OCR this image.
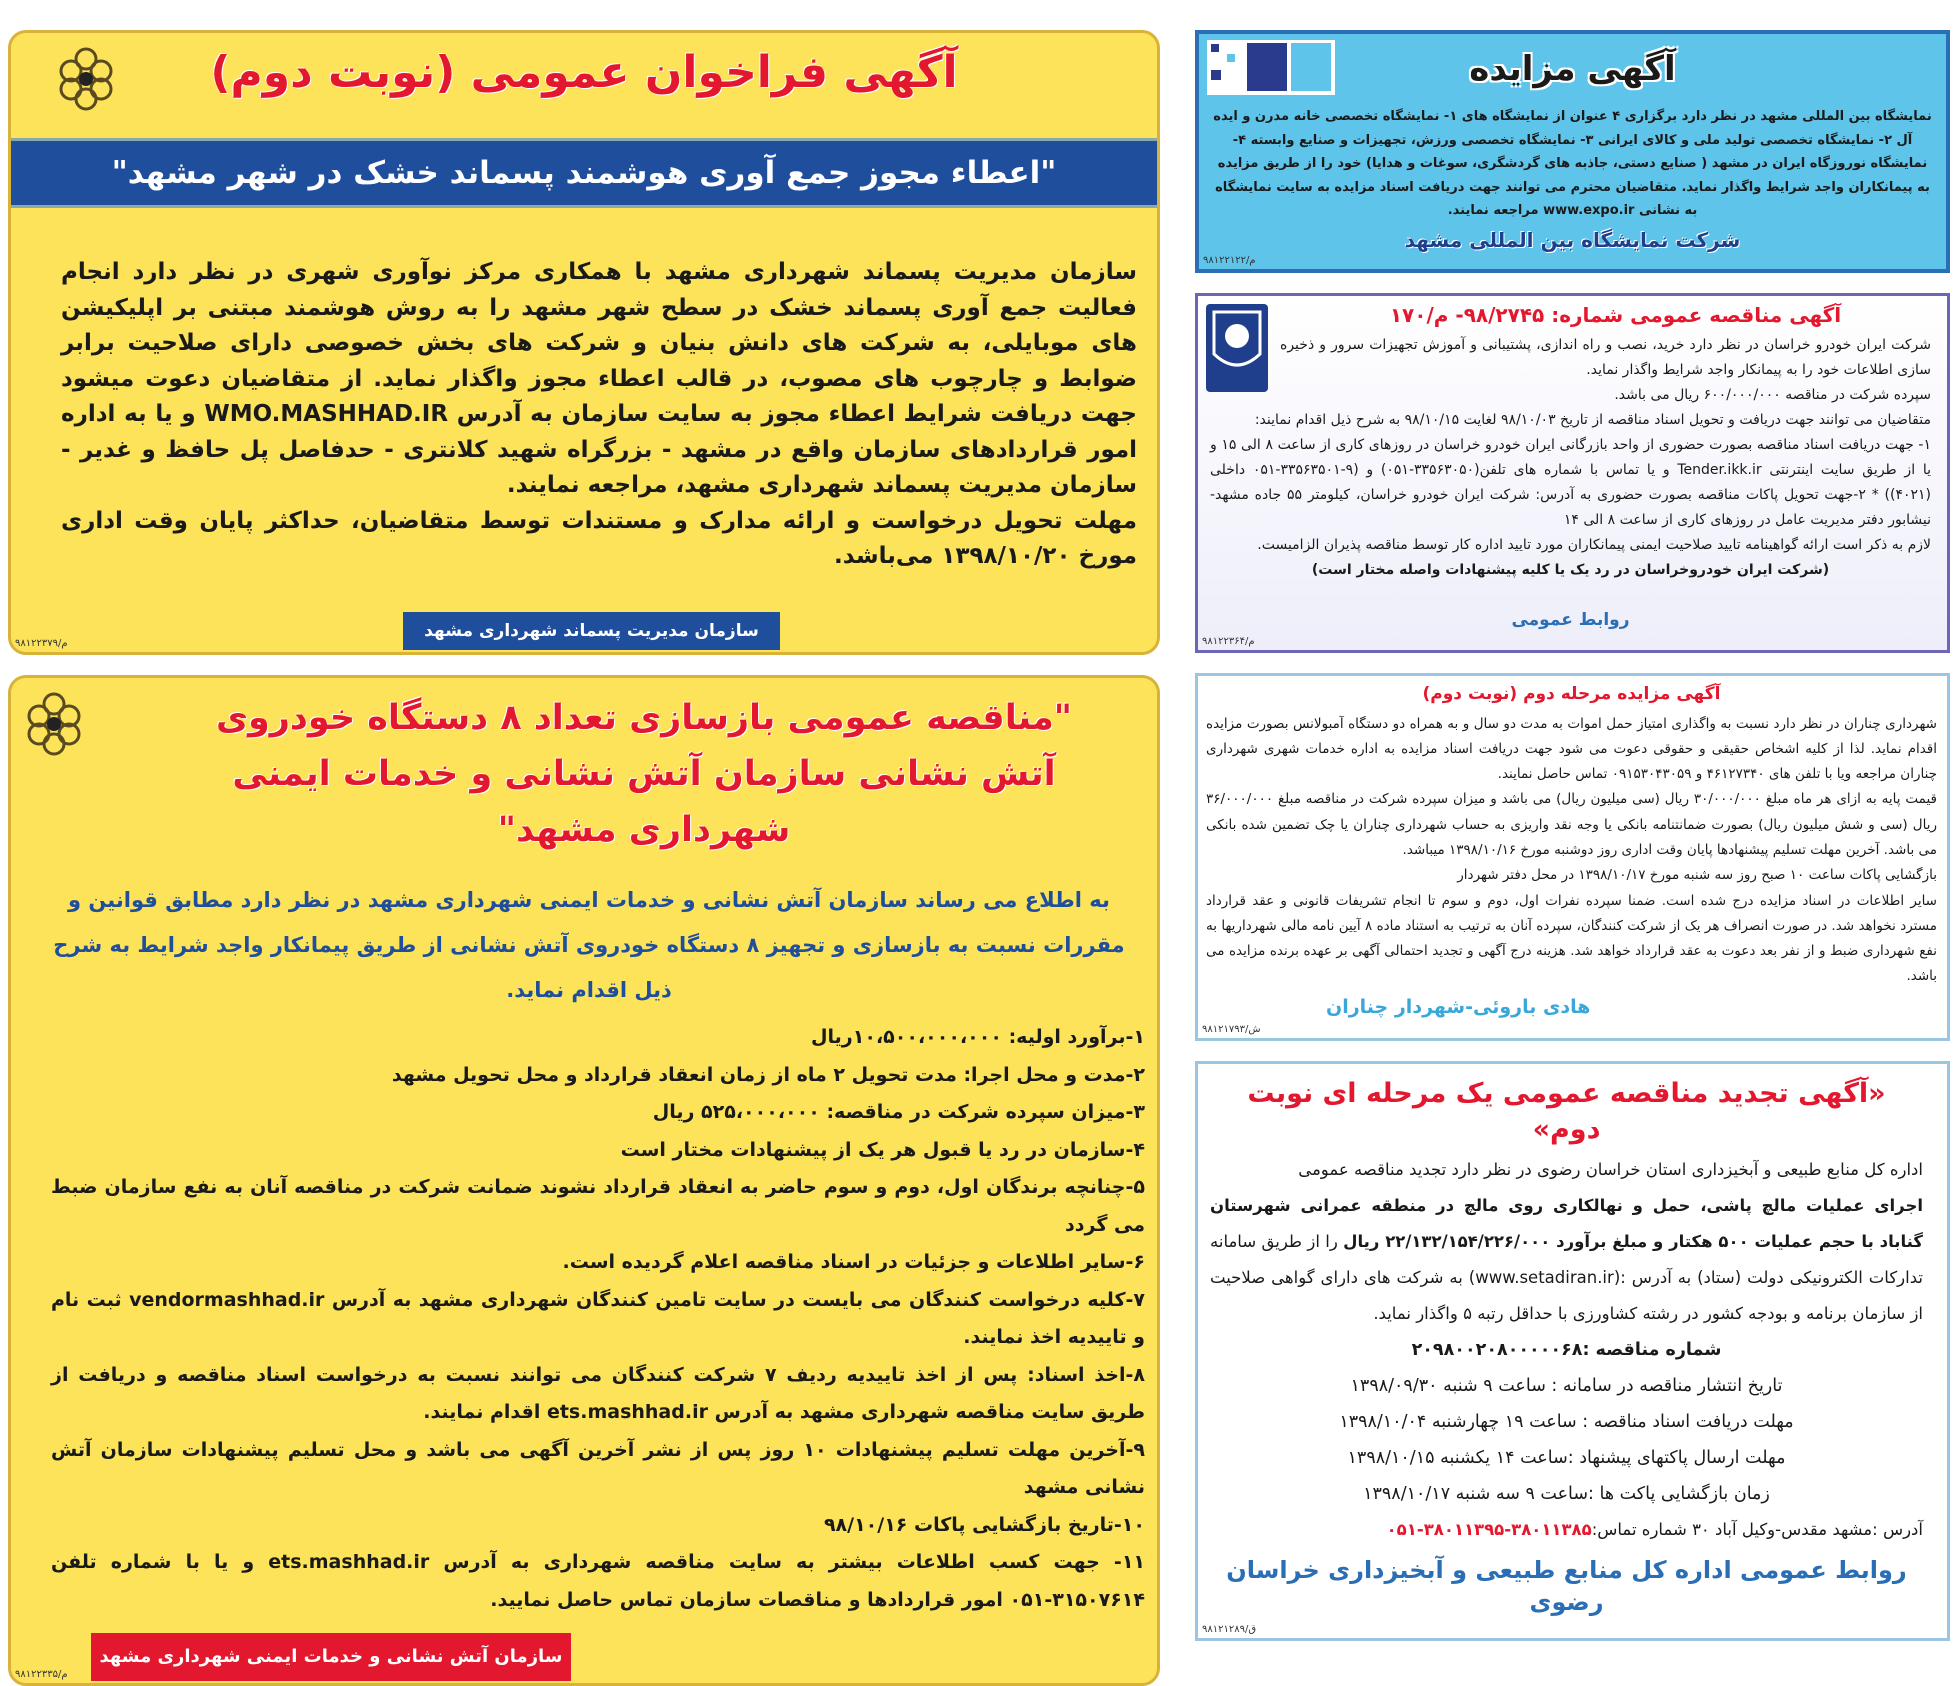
آگهی فراخوان عمومی (نوبت دوم)
"اعطاء مجوز جمع آوری هوشمند پسماند خشک در شهر مشهد"

سازمان مدیریت پسماند شهرداری مشهد با همکاری مرکز نوآوری شهری در نظر دارد انجام فعالیت جمع آوری پسماند خشک در سطح شهر مشهد را به روش هوشمند مبتنی بر اپلیکیشن های موبایلی، به شرکت های دانش بنیان و شرکت های بخش خصوصی دارای صلاحیت برابر ضوابط و چارچوب های مصوب، در قالب اعطاء مجوز واگذار نماید. از متقاضیان دعوت میشود جهت دریافت شرایط اعطاء مجوز به سایت سازمان به آدرس WMO.MASHHAD.IR و یا به اداره امور قراردادهای سازمان واقع در مشهد - بزرگراه شهید کلانتری - حدفاصل پل حافظ و غدیر - سازمان مدیریت پسماند شهرداری مشهد، مراجعه نمایند.

مهلت تحویل درخواست و ارائه مدارک و مستندات توسط متقاضیان، حداکثر پایان وقت اداری مورخ ۱۳۹۸/۱۰/۲۰ می‌باشد.

سازمان مدیریت پسماند شهرداری مشهد
م/۹۸۱۲۲۳۷۹
"مناقصه عمومی بازسازی تعداد ۸ دستگاه خودروی
آتش نشانی سازمان آتش نشانی و خدمات ایمنی شهرداری مشهد"
به اطلاع می رساند سازمان آتش نشانی و خدمات ایمنی شهرداری مشهد در نظر دارد مطابق قوانین و مقررات نسبت به بازسازی و تجهیز ۸ دستگاه خودروی آتش نشانی از طریق پیمانکار واجد شرایط به شرح ذیل اقدام نماید.

۱-برآورد اولیه: ۱۰،۵۰۰،۰۰۰،۰۰۰ریال

۲-مدت و محل اجرا: مدت تحویل ۲ ماه از زمان انعقاد قرارداد و محل تحویل مشهد

۳-میزان سپرده شرکت در مناقصه: ۵۲۵،۰۰۰،۰۰۰ ریال

۴-سازمان در رد یا قبول هر یک از پیشنهادات مختار است

۵-چنانچه برندگان اول، دوم و سوم حاضر به انعقاد قرارداد نشوند ضمانت شرکت در مناقصه آنان به نفع سازمان ضبط می گردد

۶-سایر اطلاعات و جزئیات در اسناد مناقصه اعلام گردیده است.

۷-کلیه درخواست کنندگان می بایست در سایت تامین کنندگان شهرداری مشهد به آدرس vendormashhad.ir ثبت نام و تاییدیه اخذ نمایند.

۸-اخذ اسناد: پس از اخذ تاییدیه ردیف ۷ شرکت کنندگان می توانند نسبت به درخواست اسناد مناقصه و دریافت از طریق سایت مناقصه شهرداری مشهد به آدرس ets.mashhad.ir اقدام نمایند.

۹-آخرین مهلت تسلیم پیشنهادات ۱۰ روز پس از نشر آخرین آگهی می باشد و محل تسلیم پیشنهادات سازمان آتش نشانی مشهد

۱۰-تاریخ بازگشایی پاکات ۹۸/۱۰/۱۶

۱۱- جهت کسب اطلاعات بیشتر به سایت مناقصه شهرداری به آدرس ets.mashhad.ir و یا با شماره تلفن ۳۱۵۰۷۶۱۴-۰۵۱ امور قراردادها و مناقصات سازمان تماس حاصل نمایید.

سازمان آتش نشانی و خدمات ایمنی شهرداری مشهد
م/۹۸۱۲۲۳۳۵
آگهی مزایده
نمایشگاه بین المللی مشهد در نظر دارد برگزاری ۴ عنوان از نمایشگاه های ۱- نمایشگاه تخصصی خانه مدرن و ایده آل ۲- نمایشگاه تخصصی تولید ملی و کالای ایرانی ۳- نمایشگاه تخصصی ورزش، تجهیزات و صنایع وابسته ۴- نمایشگاه نوروزگاه ایران در مشهد ( صنایع دستی، جاذبه های گردشگری، سوغات و هدایا) خود را از طریق مزایده به پیمانکاران واجد شرایط واگذار نماید. متقاضیان محترم می توانند جهت دریافت اسناد مزایده به سایت نمایشگاه به نشانی www.expo.ir مراجعه نمایند.
شرکت نمایشگاه بین المللی مشهد
م/۹۸۱۲۲۱۲۲
آگهی مناقصه عمومی شماره: ۹۸/۲۷۴۵- م/۱۷۰

شرکت ایران خودرو خراسان در نظر دارد خرید، نصب و راه اندازی، پشتیبانی و آموزش تجهیزات سرور و ذخیره سازی اطلاعات خود را به پیمانکار واجد شرایط واگذار نماید.

سپرده شرکت در مناقصه ۶۰۰/۰۰۰/۰۰۰ ریال می باشد.

متقاضیان می توانند جهت دریافت و تحویل اسناد مناقصه از تاریخ ۹۸/۱۰/۰۳ لغایت ۹۸/۱۰/۱۵ به شرح ذیل اقدام نمایند:

۱- جهت دریافت اسناد مناقصه بصورت حضوری از واحد بازرگانی ایران خودرو خراسان در روزهای کاری از ساعت ۸ الی ۱۵ و یا از طریق سایت اینترنتی Tender.ikk.ir و یا تماس با شماره های تلفن(۳۳۵۶۳۰۵۰-۰۵۱) و (۹-۳۳۵۶۳۵۰۱-۰۵۱ داخلی (۴۰۲۱)) * ۲-جهت تحویل پاکات مناقصه بصورت حضوری به آدرس: شرکت ایران خودرو خراسان، کیلومتر ۵۵ جاده مشهد-نیشابور دفتر مدیریت عامل در روزهای کاری از ساعت ۸ الی ۱۴

لازم به ذکر است ارائه گواهینامه تایید صلاحیت ایمنی پیمانکاران مورد تایید اداره کار توسط مناقصه پذیران الزامیست.

(شرکت ایران خودروخراسان در رد یک یا کلیه پیشنهادات واصله مختار است)

روابط عمومی
م/۹۸۱۲۲۳۶۴
آگهی مزایده مرحله دوم (نوبت دوم)

شهرداری چناران در نظر دارد نسبت به واگذاری امتیاز حمل اموات به مدت دو سال و به همراه دو دستگاه آمبولانس بصورت مزایده اقدام نماید. لذا از کلیه اشخاص حقیقی و حقوقی دعوت می شود جهت دریافت اسناد مزایده به اداره خدمات شهری شهرداری چناران مراجعه ویا با تلفن های ۴۶۱۲۷۳۴۰ و ۰۹۱۵۳۰۴۳۰۵۹ تماس حاصل نمایند.

قیمت پایه به ازای هر ماه مبلغ ۳۰/۰۰۰/۰۰۰ ریال (سی میلیون ریال) می باشد و میزان سپرده شرکت در مناقصه مبلغ ۳۶/۰۰۰/۰۰۰ ریال (سی و شش میلیون ریال) بصورت ضمانتنامه بانکی یا وجه نقد واریزی به حساب شهرداری چناران یا چک تضمین شده بانکی می باشد. آخرین مهلت تسلیم پیشنهادها پایان وقت اداری روز دوشنبه مورخ ۱۳۹۸/۱۰/۱۶ میباشد.

بازگشایی پاکات ساعت ۱۰ صبح روز سه شنبه مورخ ۱۳۹۸/۱۰/۱۷ در محل دفتر شهردار

سایر اطلاعات در اسناد مزایده درج شده است. ضمنا سپرده نفرات اول، دوم و سوم تا انجام تشریفات قانونی و عقد قرارداد مسترد نخواهد شد. در صورت انصراف هر یک از شرکت کنندگان، سپرده آنان به ترتیب به استناد ماده ۸ آیین نامه مالی شهرداریها به نفع شهرداری ضبط و از نفر بعد دعوت به عقد قرارداد خواهد شد. هزینه درج آگهی و تجدید احتمالی آگهی بر عهده برنده مزایده می باشد.

هادی باروئی-شهردار چناران
ش/۹۸۱۲۱۷۹۳
«آگهی تجدید مناقصه عمومی یک مرحله ای نوبت دوم»

اداره کل منابع طبیعی و آبخیزداری استان خراسان رضوی در نظر دارد تجدید مناقصه عمومی

اجرای عملیات مالچ پاشی، حمل و نهالکاری روی مالچ در منطقه عمرانی شهرستان گناباد با حجم عملیات ۵۰۰ هکتار و مبلغ برآورد ۲۲/۱۳۲/۱۵۴/۲۲۶/۰۰۰ ریال را از طریق سامانه تدارکات الکترونیکی دولت (ستاد) به آدرس :(www.setadiran.ir) به شرکت های دارای گواهی صلاحیت از سازمان برنامه و بودجه کشور در رشته کشاورزی با حداقل رتبه ۵ واگذار نماید.

شماره مناقصه :۲۰۹۸۰۰۲۰۸۰۰۰۰۰۶۸

تاریخ انتشار مناقصه در سامانه : ساعت ۹ شنبه ۱۳۹۸/۰۹/۳۰

مهلت دریافت اسناد مناقصه : ساعت ۱۹ چهارشنبه ۱۳۹۸/۱۰/۰۴

مهلت ارسال پاکتهای پیشنهاد :ساعت ۱۴ یکشنبه ۱۳۹۸/۱۰/۱۵

زمان بازگشایی پاکت ها :ساعت ۹ سه شنبه ۱۳۹۸/۱۰/۱۷

آدرس :مشهد مقدس-وکیل آباد ۳۰ شماره تماس:۳۸۰۱۱۳۸۵-۳۸۰۱۱۳۹۵-۰۵۱

روابط عمومی اداره کل منابع طبیعی و آبخیزداری خراسان رضوی
ق/۹۸۱۲۱۲۸۹
